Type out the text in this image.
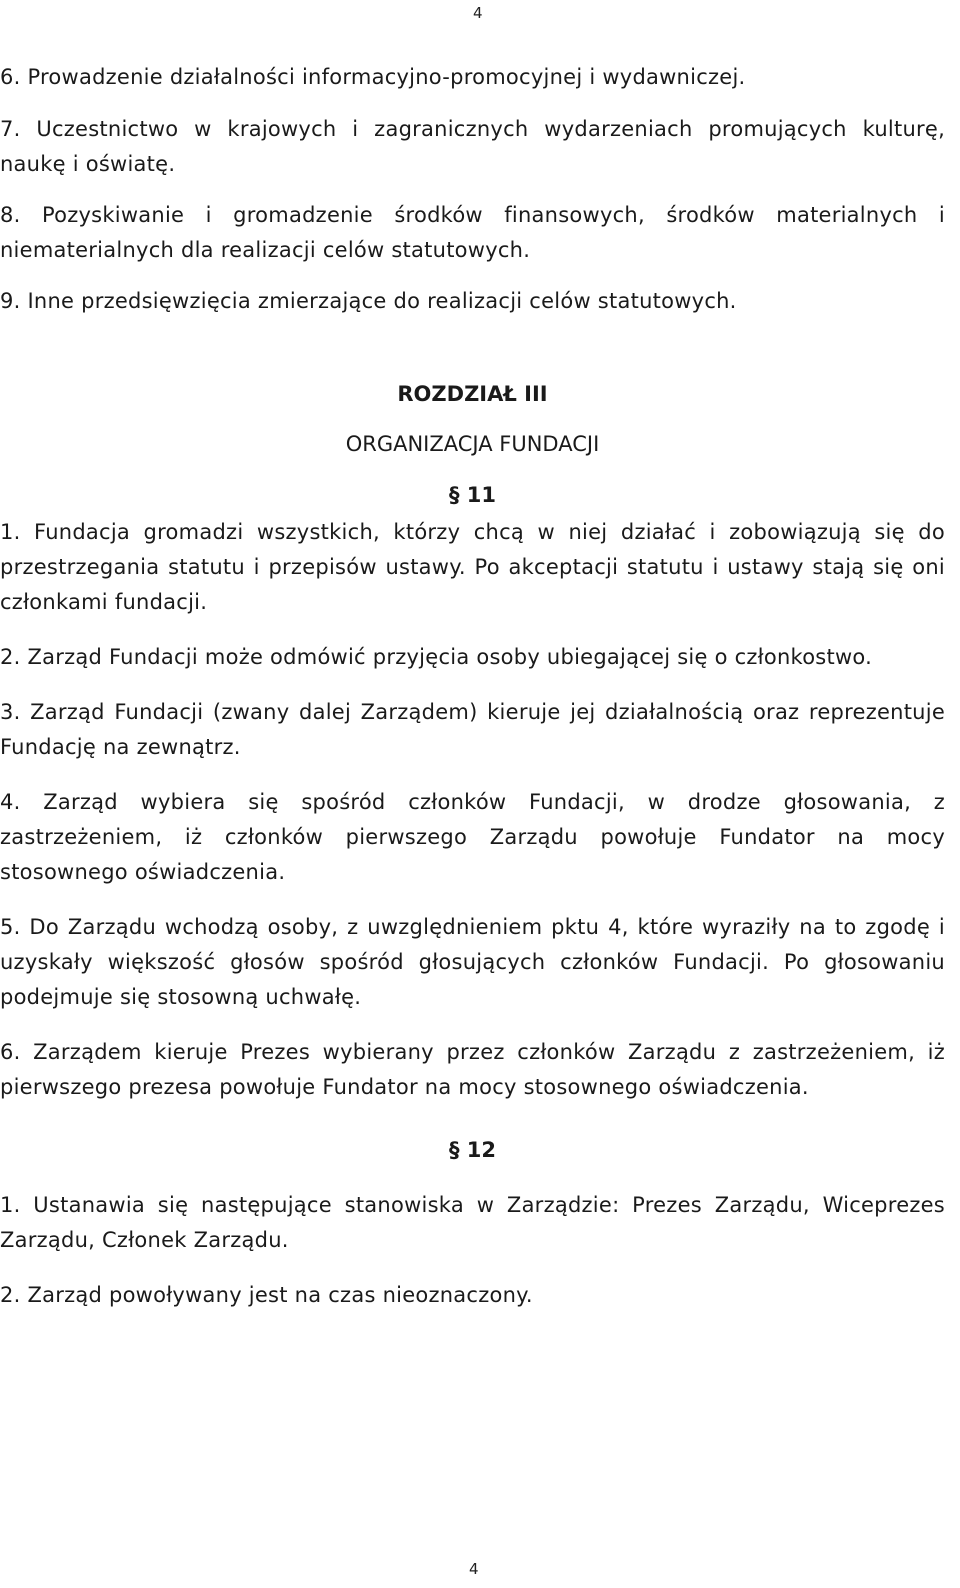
4

6. Prowadzenie działalności informacyjno-promocyjnej i wydawniczej.

7. Uczestnictwo w krajowych i zagranicznych wydarzeniach promujących kulturę, naukę i oświatę.

8. Pozyskiwanie i gromadzenie środków finansowych, środków materialnych i niematerialnych dla realizacji celów statutowych.

9. Inne przedsięwzięcia zmierzające do realizacji celów statutowych.

ROZDZIAŁ III
ORGANIZACJA FUNDACJI
§ 11

1. Fundacja gromadzi wszystkich, którzy chcą w niej działać i zobowiązują się do przestrzegania statutu i przepisów ustawy. Po akceptacji statutu i ustawy stają się oni członkami fundacji.

2. Zarząd Fundacji może odmówić przyjęcia osoby ubiegającej się o członkostwo.

3. Zarząd Fundacji (zwany dalej Zarządem) kieruje jej działalnością oraz reprezentuje Fundację na zewnątrz.

4. Zarząd wybiera się spośród członków Fundacji, w drodze głosowania, z zastrzeżeniem, iż członków pierwszego Zarządu powołuje Fundator na mocy stosownego oświadczenia.

5. Do Zarządu wchodzą osoby, z uwzględnieniem pktu 4, które wyraziły na to zgodę i uzyskały większość głosów spośród głosujących członków Fundacji. Po głosowaniu podejmuje się stosowną uchwałę.

6. Zarządem kieruje Prezes wybierany przez członków Zarządu z zastrzeżeniem, iż pierwszego prezesa powołuje Fundator na mocy stosownego oświadczenia.

§ 12

1. Ustanawia się następujące stanowiska w Zarządzie: Prezes Zarządu, Wiceprezes Zarządu, Członek Zarządu.

2. Zarząd powoływany jest na czas nieoznaczony.

4
